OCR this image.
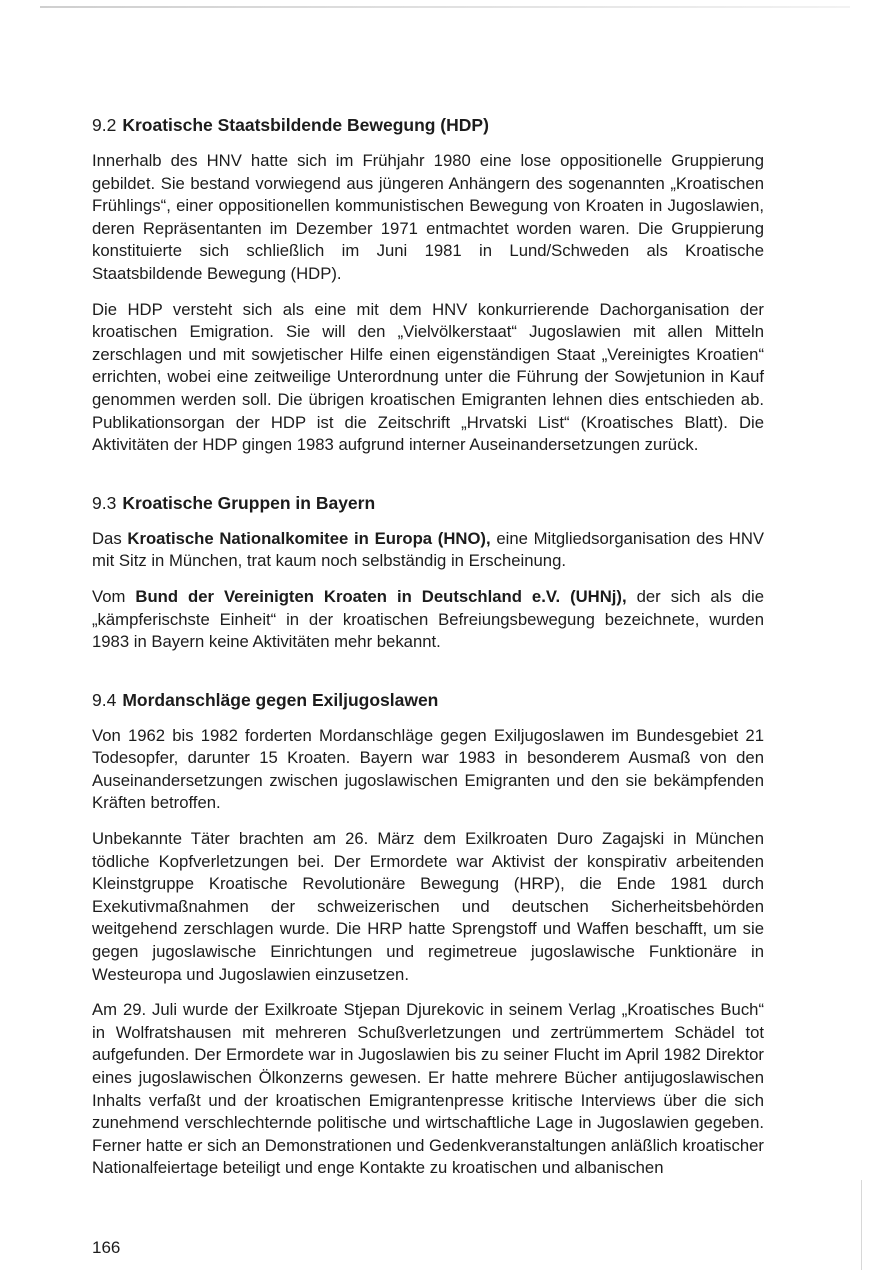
9.2 Kroatische Staatsbildende Bewegung (HDP)

Innerhalb des HNV hatte sich im Frühjahr 1980 eine lose oppositionelle Gruppierung gebildet. Sie bestand vorwiegend aus jüngeren Anhängern des sogenannten „Kroatischen Frühlings“, einer oppositionellen kommunistischen Bewegung von Kroaten in Jugoslawien, deren Repräsentanten im Dezember 1971 entmachtet worden waren. Die Gruppierung konstituierte sich schließlich im Juni 1981 in Lund/Schweden als Kroatische Staatsbildende Bewegung (HDP).

Die HDP versteht sich als eine mit dem HNV konkurrierende Dachorganisation der kroatischen Emigration. Sie will den „Vielvölkerstaat“ Jugoslawien mit allen Mitteln zerschlagen und mit sowjetischer Hilfe einen eigenständigen Staat „Vereinigtes Kroatien“ errichten, wobei eine zeitweilige Unterordnung unter die Führung der Sowjetunion in Kauf genommen werden soll. Die übrigen kroatischen Emigranten lehnen dies entschieden ab. Publikationsorgan der HDP ist die Zeitschrift „Hrvatski List“ (Kroatisches Blatt). Die Aktivitäten der HDP gingen 1983 aufgrund interner Auseinandersetzungen zurück.

9.3 Kroatische Gruppen in Bayern

Das Kroatische Nationalkomitee in Europa (HNO), eine Mitgliedsorganisation des HNV mit Sitz in München, trat kaum noch selbständig in Erscheinung.

Vom Bund der Vereinigten Kroaten in Deutschland e.V. (UHNj), der sich als die „kämpferischste Einheit“ in der kroatischen Befreiungsbewegung bezeichnete, wurden 1983 in Bayern keine Aktivitäten mehr bekannt.

9.4 Mordanschläge gegen Exiljugoslawen

Von 1962 bis 1982 forderten Mordanschläge gegen Exiljugoslawen im Bundesgebiet 21 Todesopfer, darunter 15 Kroaten. Bayern war 1983 in besonderem Ausmaß von den Auseinandersetzungen zwischen jugoslawischen Emigranten und den sie bekämpfenden Kräften betroffen.

Unbekannte Täter brachten am 26. März dem Exilkroaten Duro Zagajski in München tödliche Kopfverletzungen bei. Der Ermordete war Aktivist der konspirativ arbeitenden Kleinstgruppe Kroatische Revolutionäre Bewegung (HRP), die Ende 1981 durch Exekutivmaßnahmen der schweizerischen und deutschen Sicherheitsbehörden weitgehend zerschlagen wurde. Die HRP hatte Sprengstoff und Waffen beschafft, um sie gegen jugoslawische Einrichtungen und regimetreue jugoslawische Funktionäre in Westeuropa und Jugoslawien einzusetzen.

Am 29. Juli wurde der Exilkroate Stjepan Djurekovic in seinem Verlag „Kroatisches Buch“ in Wolfratshausen mit mehreren Schußverletzungen und zertrümmertem Schädel tot aufgefunden. Der Ermordete war in Jugoslawien bis zu seiner Flucht im April 1982 Direktor eines jugoslawischen Ölkonzerns gewesen. Er hatte mehrere Bücher antijugoslawischen Inhalts verfaßt und der kroatischen Emigrantenpresse kritische Interviews über die sich zunehmend verschlechternde politische und wirtschaftliche Lage in Jugoslawien gegeben. Ferner hatte er sich an Demonstrationen und Gedenkveranstaltungen anläßlich kroatischer Nationalfeiertage beteiligt und enge Kontakte zu kroatischen und albanischen

166
